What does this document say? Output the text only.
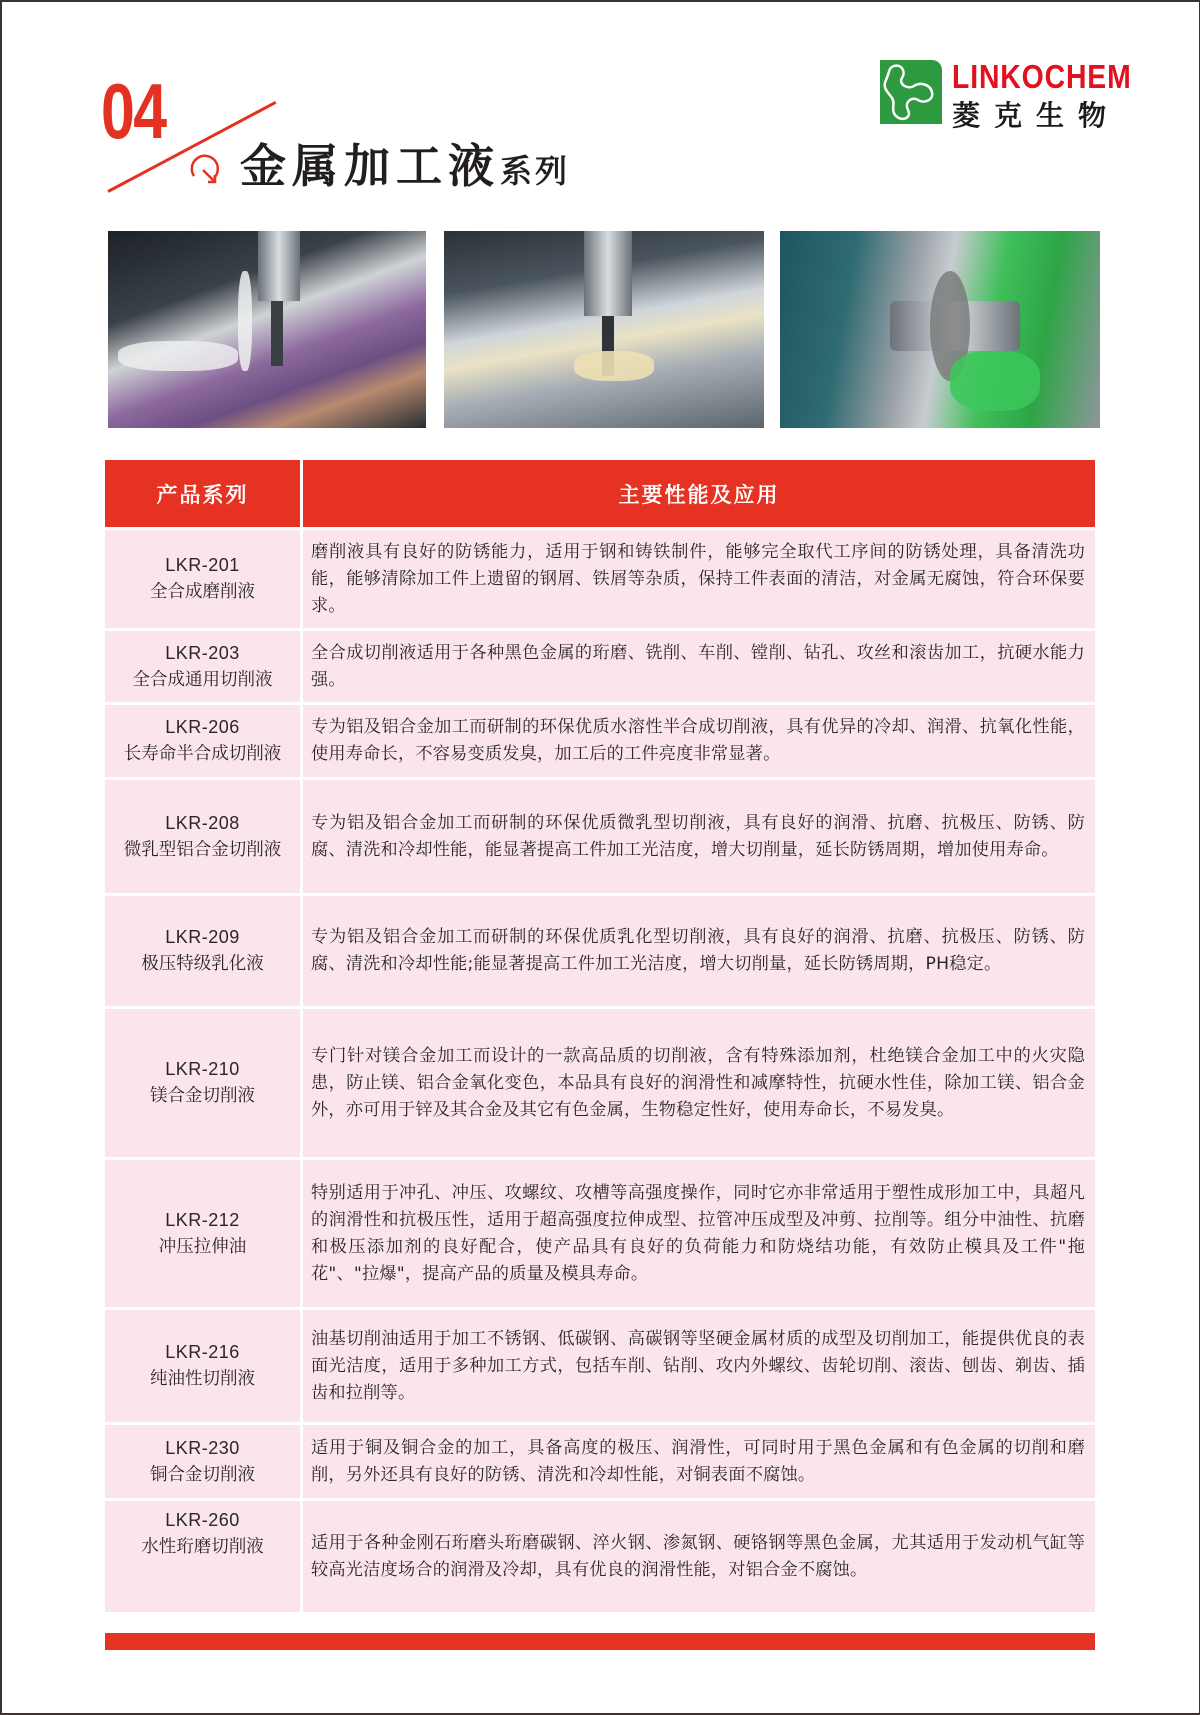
04
金属加工液系列
LINKOCHEM
菱克生物
产品系列	主要性能及应用
LKR-201
全合成磨削液
磨削液具有良好的防锈能力，适用于钢和铸铁制件，能够完全取代工序间的防锈处理，具备清洗功能，能够清除加工件上遗留的钢屑、铁屑等杂质，保持工件表面的清洁，对金属无腐蚀，符合环保要求。
LKR-203
全合成通用切削液
全合成切削液适用于各种黑色金属的珩磨、铣削、车削、镗削、钻孔、攻丝和滚齿加工，抗硬水能力强。
LKR-206
长寿命半合成切削液
专为铝及铝合金加工而研制的环保优质水溶性半合成切削液，具有优异的冷却、润滑、抗氧化性能，使用寿命长，不容易变质发臭，加工后的工件亮度非常显著。
LKR-208
微乳型铝合金切削液
专为铝及铝合金加工而研制的环保优质微乳型切削液，具有良好的润滑、抗磨、抗极压、防锈、防腐、清洗和冷却性能，能显著提高工件加工光洁度，增大切削量，延长防锈周期，增加使用寿命。
LKR-209
极压特级乳化液
专为铝及铝合金加工而研制的环保优质乳化型切削液，具有良好的润滑、抗磨、抗极压、防锈、防腐、清洗和冷却性能;能显著提高工件加工光洁度，增大切削量，延长防锈周期，PH稳定。
LKR-210
镁合金切削液
专门针对镁合金加工而设计的一款高品质的切削液，含有特殊添加剂，杜绝镁合金加工中的火灾隐患，防止镁、铝合金氧化变色，本品具有良好的润滑性和减摩特性，抗硬水性佳，除加工镁、铝合金外，亦可用于锌及其合金及其它有色金属，生物稳定性好，使用寿命长，不易发臭。
LKR-212
冲压拉伸油
特别适用于冲孔、冲压、攻螺纹、攻槽等高强度操作，同时它亦非常适用于塑性成形加工中，具超凡的润滑性和抗极压性，适用于超高强度拉伸成型、拉管冲压成型及冲剪、拉削等。组分中油性、抗磨和极压添加剂的良好配合，使产品具有良好的负荷能力和防烧结功能，有效防止模具及工件"拖花"、"拉爆"，提高产品的质量及模具寿命。
LKR-216
纯油性切削液
油基切削油适用于加工不锈钢、低碳钢、高碳钢等坚硬金属材质的成型及切削加工，能提供优良的表面光洁度，适用于多种加工方式，包括车削、钻削、攻内外螺纹、齿轮切削、滚齿、刨齿、剃齿、插齿和拉削等。
LKR-230
铜合金切削液
适用于铜及铜合金的加工，具备高度的极压、润滑性，可同时用于黑色金属和有色金属的切削和磨削，另外还具有良好的防锈、清洗和冷却性能，对铜表面不腐蚀。
LKR-260
水性珩磨切削液	适用于各种金刚石珩磨头珩磨碳钢、淬火钢、渗氮钢、硬铬钢等黑色金属，尤其适用于发动机气缸等较高光洁度场合的润滑及冷却，具有优良的润滑性能，对铝合金不腐蚀。
